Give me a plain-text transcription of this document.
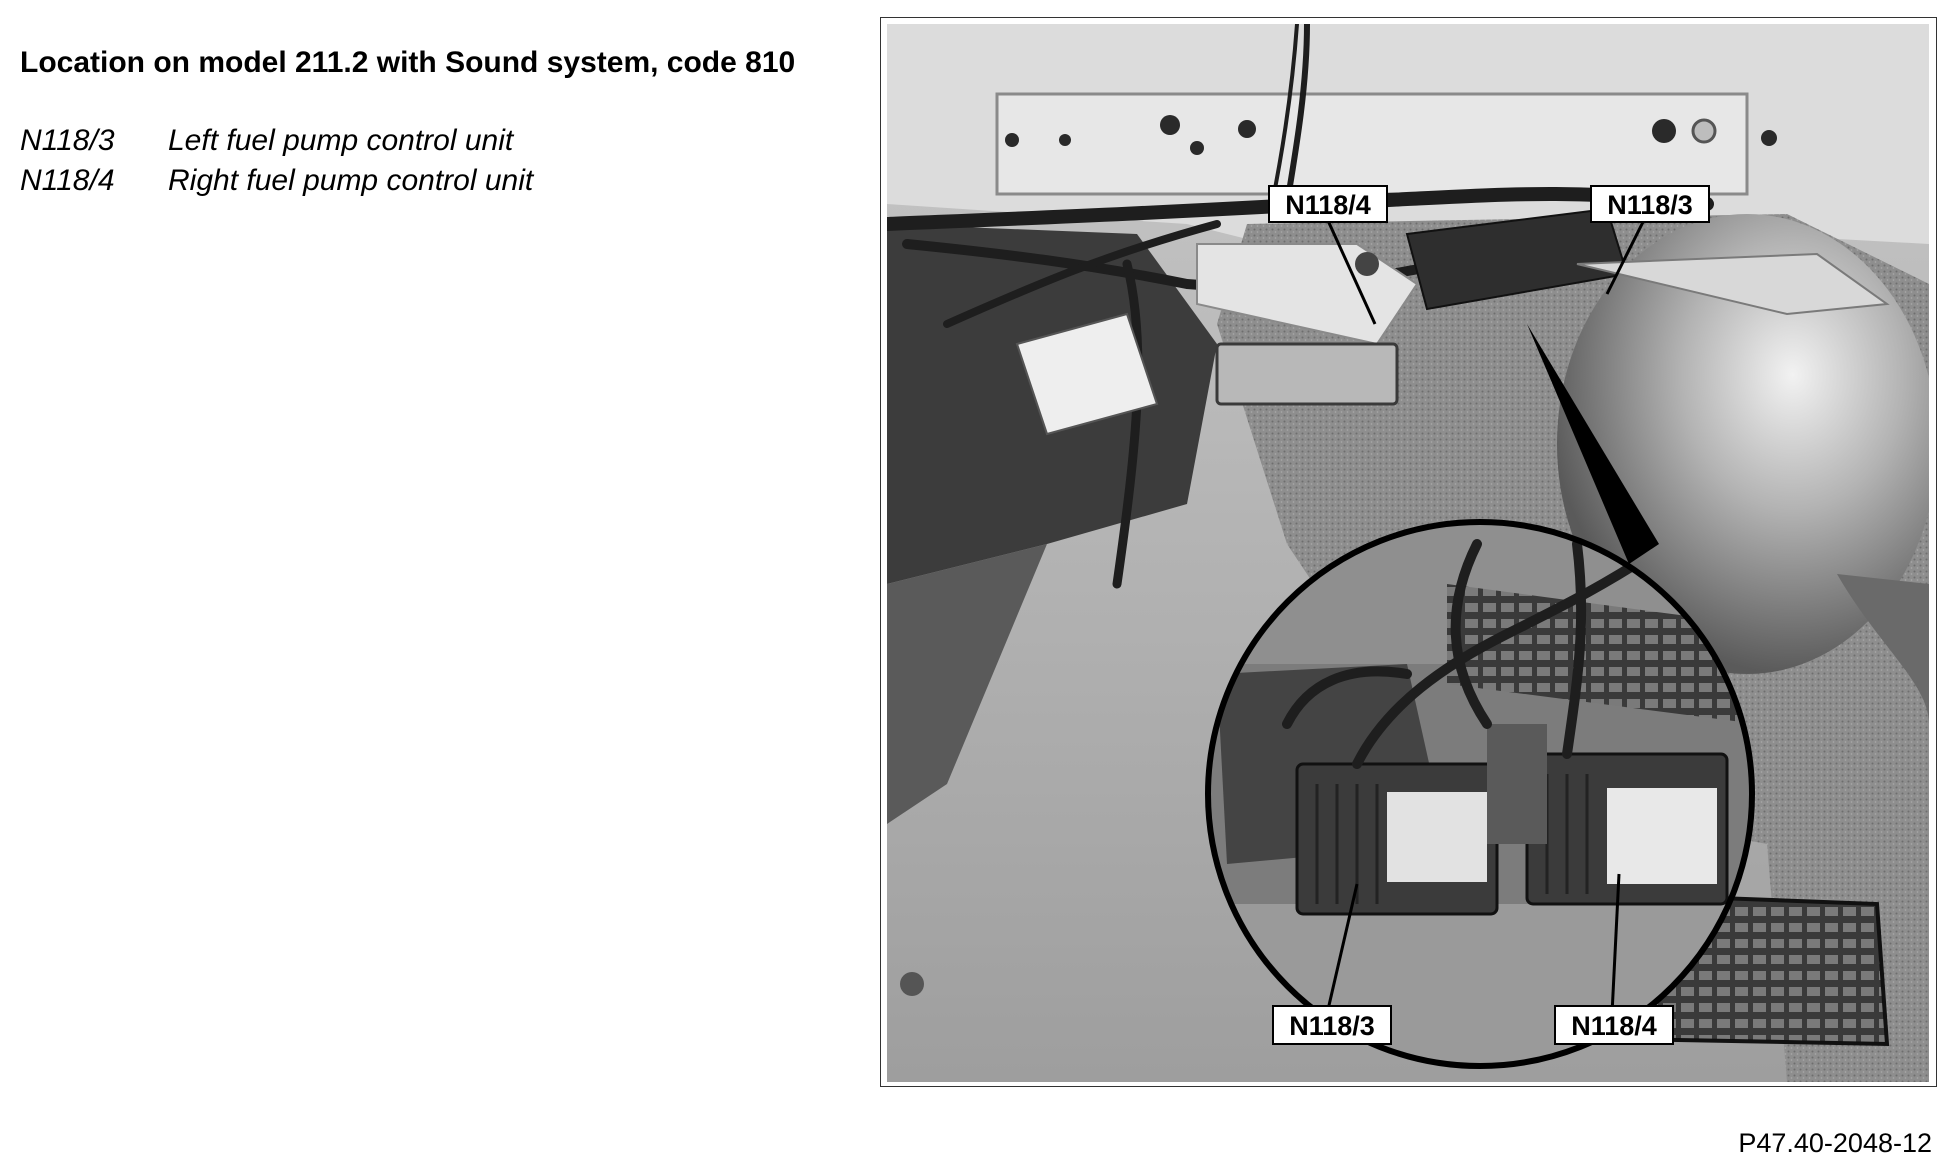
Location on model 211.2 with Sound system, code 810
N118/3 Left fuel pump control unit
N118/4 Right fuel pump control unit
N118/4	N118/3
N118/3	N118/4
P47.40-2048-12
